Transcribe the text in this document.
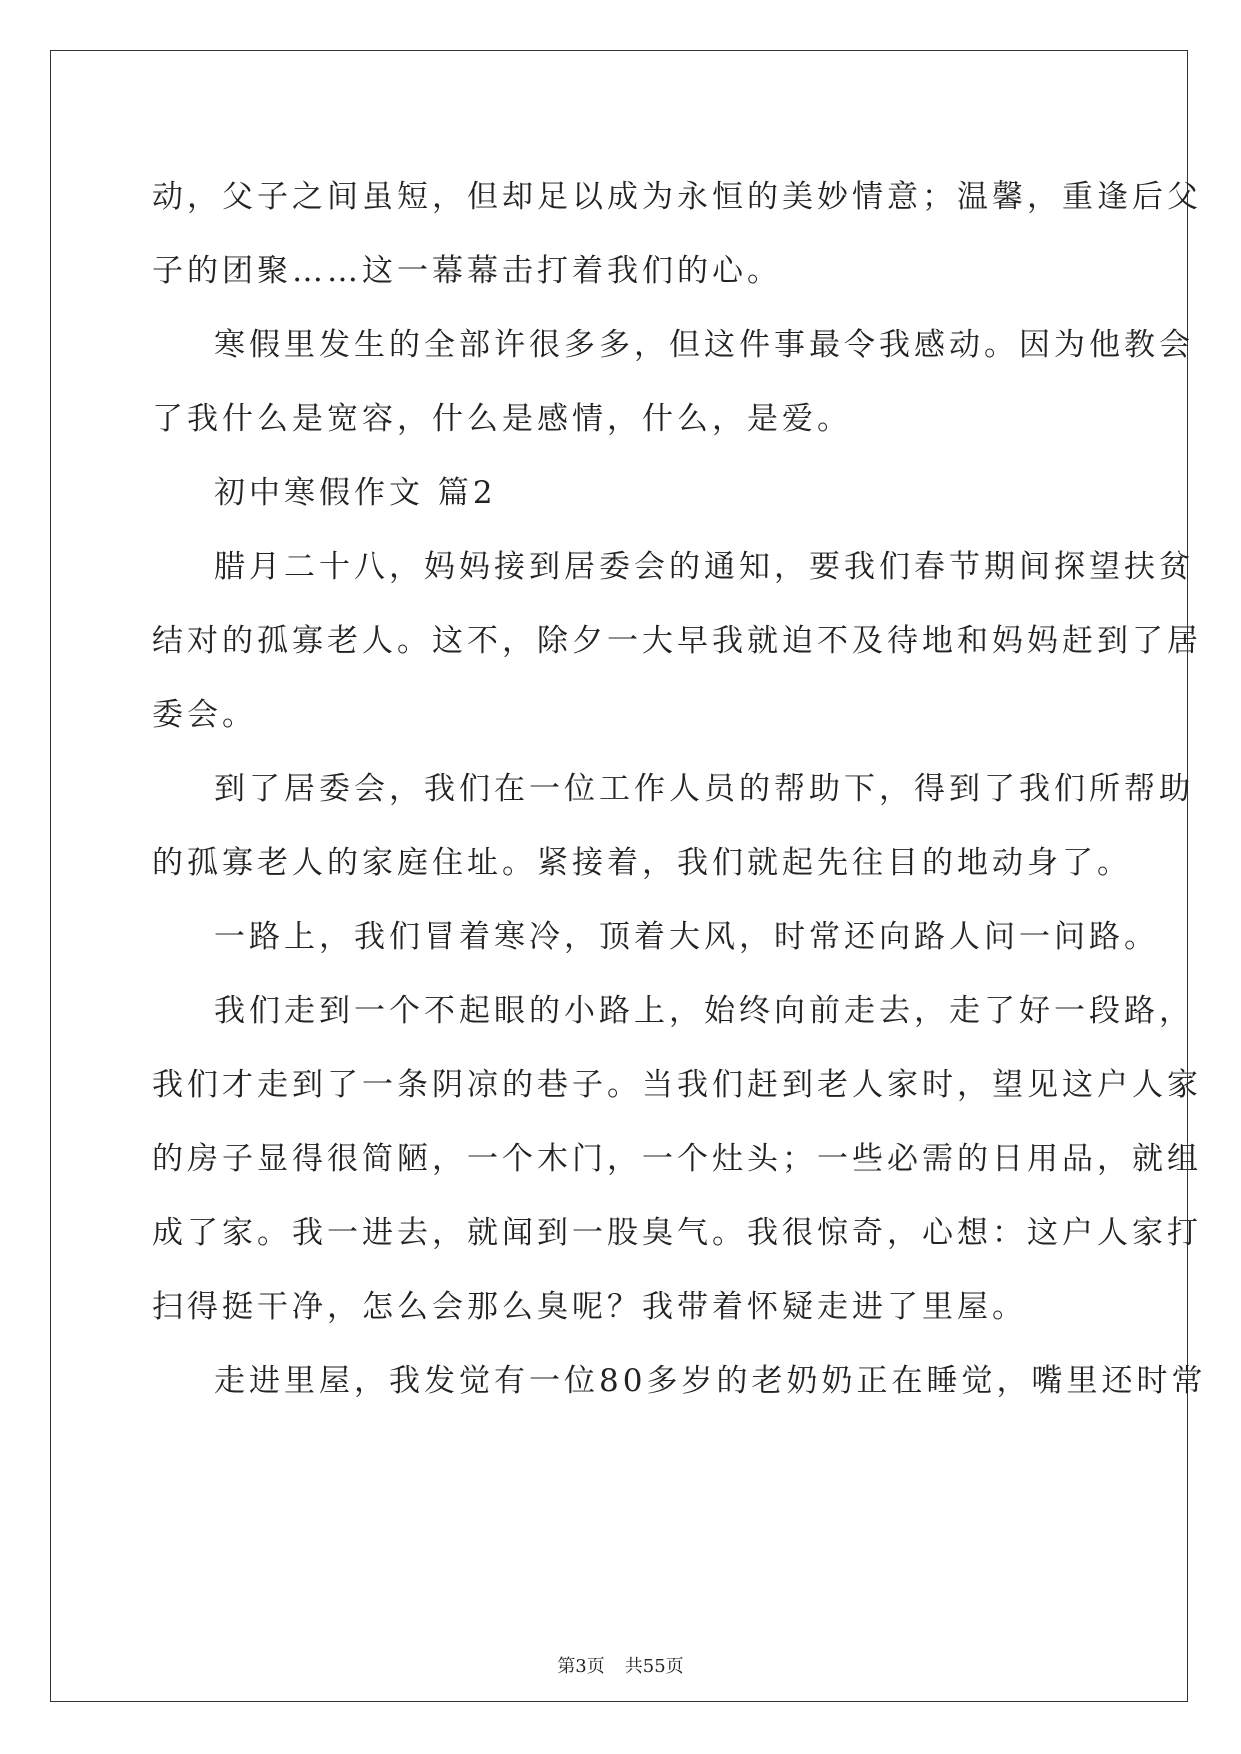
动，父子之间虽短，但却足以成为永恒的美妙情意；温馨，重逢后父
子的团聚……这一幕幕击打着我们的心。
寒假里发生的全部许很多多，但这件事最令我感动。因为他教会
了我什么是宽容，什么是感情，什么，是爱。
初中寒假作文 篇2
腊月二十八，妈妈接到居委会的通知，要我们春节期间探望扶贫
结对的孤寡老人。这不，除夕一大早我就迫不及待地和妈妈赶到了居
委会。
到了居委会，我们在一位工作人员的帮助下，得到了我们所帮助
的孤寡老人的家庭住址。紧接着，我们就起先往目的地动身了。
一路上，我们冒着寒冷，顶着大风，时常还向路人问一问路。
我们走到一个不起眼的小路上，始终向前走去，走了好一段路，
我们才走到了一条阴凉的巷子。当我们赶到老人家时，望见这户人家
的房子显得很简陋，一个木门，一个灶头；一些必需的日用品，就组
成了家。我一进去，就闻到一股臭气。我很惊奇，心想：这户人家打
扫得挺干净，怎么会那么臭呢？我带着怀疑走进了里屋。
走进里屋，我发觉有一位80多岁的老奶奶正在睡觉，嘴里还时常
第3页 共55页
